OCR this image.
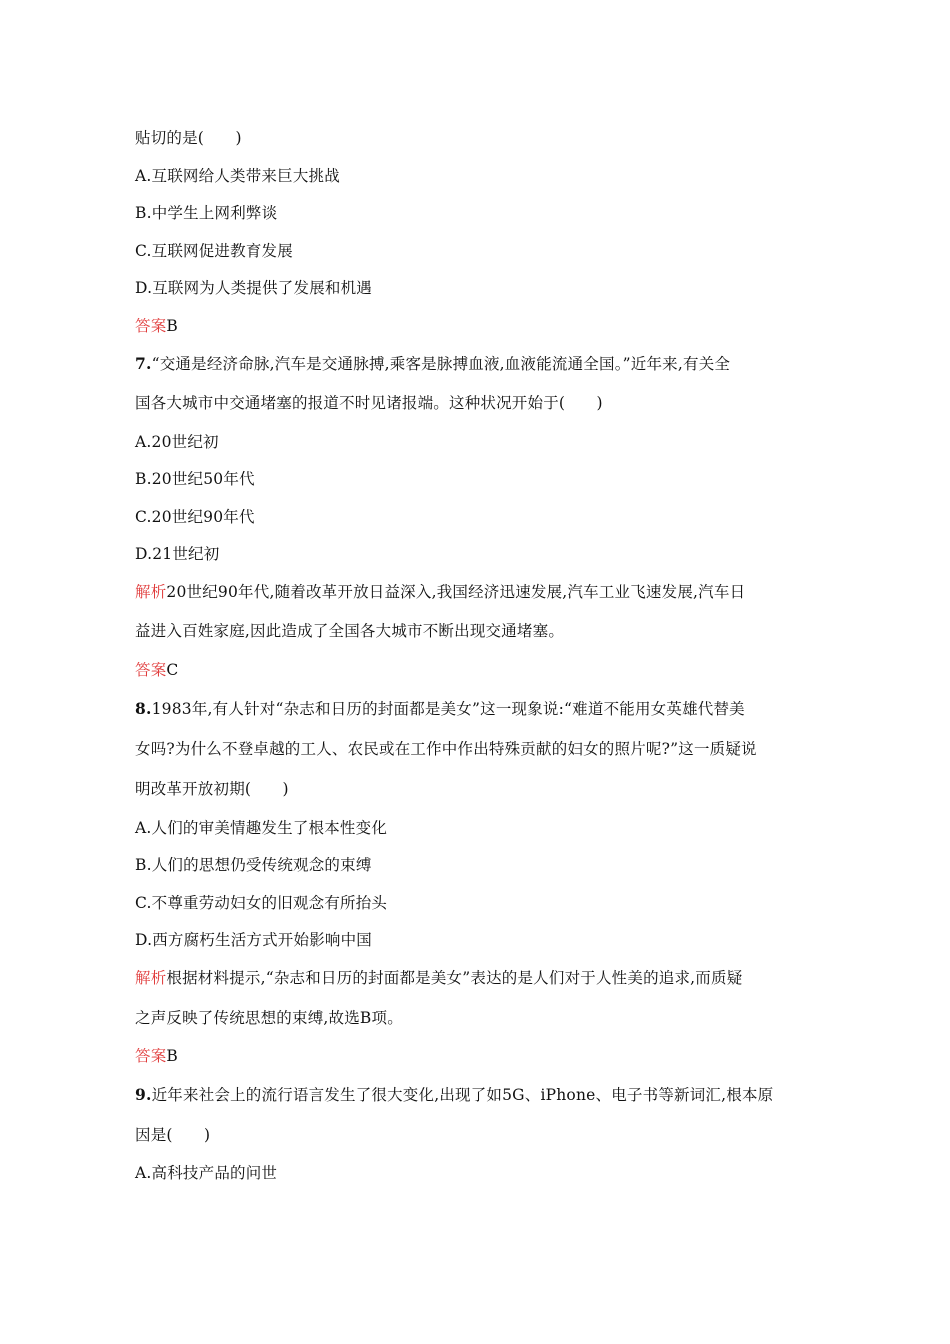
贴切的是(　　)
A.互联网给人类带来巨大挑战
B.中学生上网利弊谈
C.互联网促进教育发展
D.互联网为人类提供了发展和机遇
答案B
7.“交通是经济命脉,汽车是交通脉搏,乘客是脉搏血液,血液能流通全国。”近年来,有关全
国各大城市中交通堵塞的报道不时见诸报端。这种状况开始于(　　)
A.20世纪初
B.20世纪50年代
C.20世纪90年代
D.21世纪初
解析20世纪90年代,随着改革开放日益深入,我国经济迅速发展,汽车工业飞速发展,汽车日
益进入百姓家庭,因此造成了全国各大城市不断出现交通堵塞。
答案C
8.1983年,有人针对“杂志和日历的封面都是美女”这一现象说:“难道不能用女英雄代替美
女吗?为什么不登卓越的工人、农民或在工作中作出特殊贡献的妇女的照片呢?”这一质疑说
明改革开放初期(　　)
A.人们的审美情趣发生了根本性变化
B.人们的思想仍受传统观念的束缚
C.不尊重劳动妇女的旧观念有所抬头
D.西方腐朽生活方式开始影响中国
解析根据材料提示,“杂志和日历的封面都是美女”表达的是人们对于人性美的追求,而质疑
之声反映了传统思想的束缚,故选B项。
答案B
9.近年来社会上的流行语言发生了很大变化,出现了如5G、iPhone、电子书等新词汇,根本原
因是(　　)
A.高科技产品的问世
